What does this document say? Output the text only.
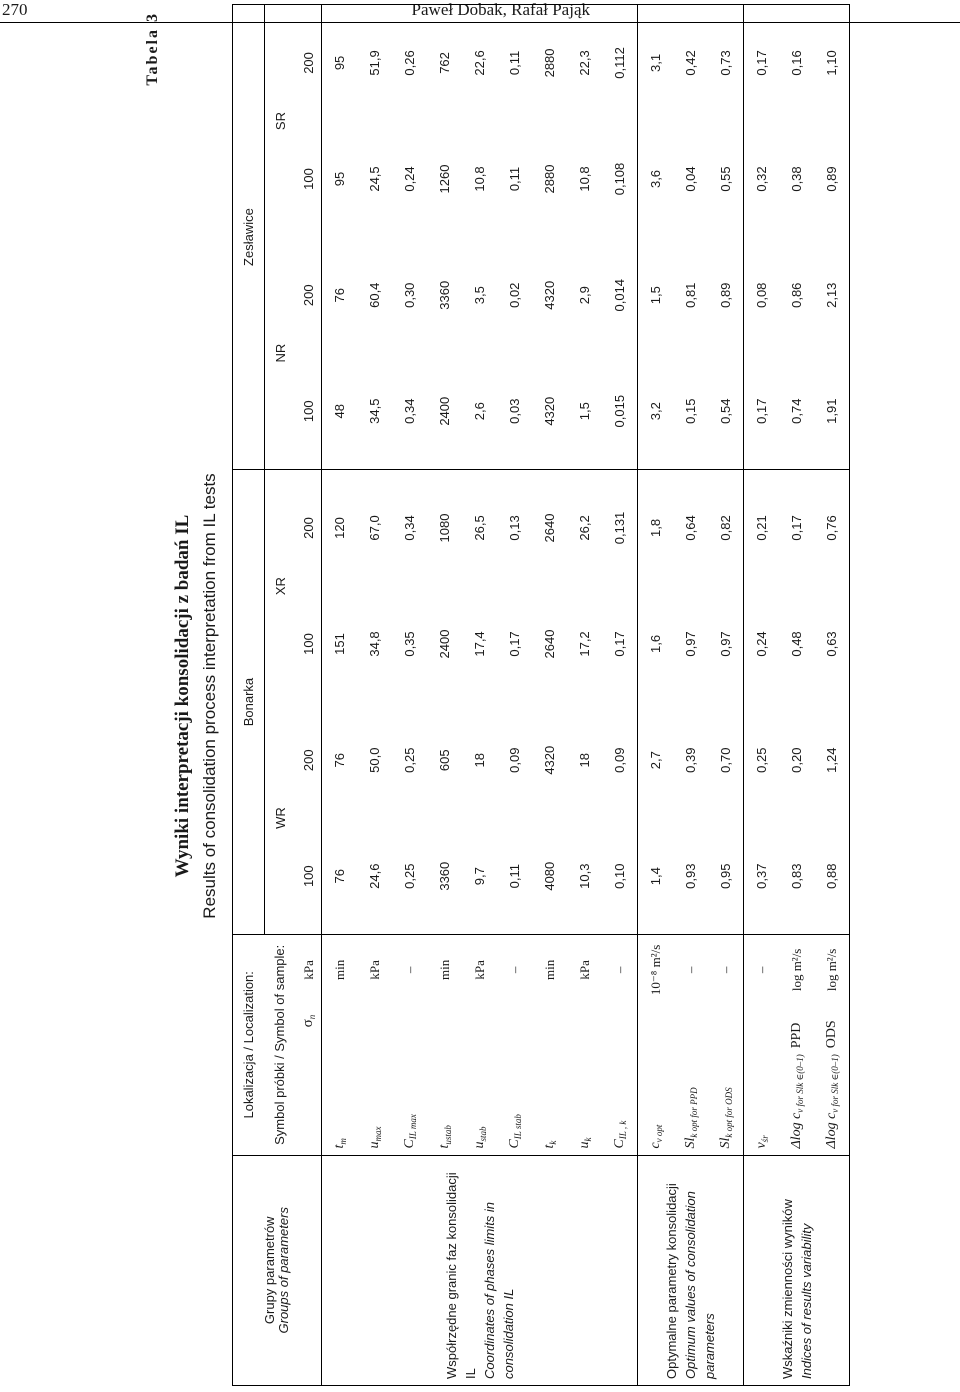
270	Paweł Dobak, Rafał Pająk
Tabela 3
Wyniki interpretacji konsolidacji z badań IL Results of consolidation process interpretation from IL tests
Grupy parametrów Groups of parameters	Lokalizacja / Localization:		Bonarka				Zesławice			
	Symbol próbki / Symbol of sample:		WR		XR		NR		SR	
	$\sigma_n$	kPa	100	200	100	200	100	200	100	200

Współrzędne granic faz konsolidacji IL Coordinates of phases limits in consolidation IL	$t_m$	min	76	76	151	120	48	76	95	95
	$u_{max}$	kPa	24,6	50,0	34,8	67,0	34,5	60,4	24,5	51,9
	$C_{IL max}$	–	0,25	0,25	0,35	0,34	0,34	0,30	0,24	0,26
	$t_{ustab}$	min	3360	605	2400	1080	2400	3360	1260	762
	$u_{stab}$	kPa	9,7	18	17,4	26,5	2,6	3,5	10,8	22,6
	$C_{IL stab}$	–	0,11	0,09	0,17	0,13	0,03	0,02	0,11	0,11
	$t_k$	min	4080	4320	2640	2640	4320	4320	2880	2880
	$u_k$	kPa	10,3	18	17,2	26,2	1,5	2,9	10,8	22,3
	$C_{IL , k}$	–	0,10	0,09	0,17	0,131	0,015	0,014	0,108	0,112

Optymalne parametry konsolidacji Optimum values of consolidation parameters	$c_{v opt}$	10⁻⁸ m²/s	1,4	2,7	1,6	1,8	3,2	1,5	3,6	3,1
	$Sl_{k opt for PPD}$	–	0,93	0,39	0,97	0,64	0,15	0,81	0,04	0,42
	$Sl_{k opt for ODS}$	–	0,95	0,70	0,97	0,82	0,54	0,89	0,55	0,73

Wskaźniki zmienności wyników Indices of results variability	$v_{śr}$	–	0,37	0,25	0,24	0,21	0,17	0,08	0,32	0,17
	Δlog $c_{v for Slk \in(0-1)}PPD$	log m²/s	0,83	0,20	0,48	0,17	0,74	0,86	0,38	0,16
	Δlog $c_{v for Slk \in(0-1)}ODS$	log m²/s	0,88	1,24	0,63	0,76	1,91	2,13	0,89	1,10
